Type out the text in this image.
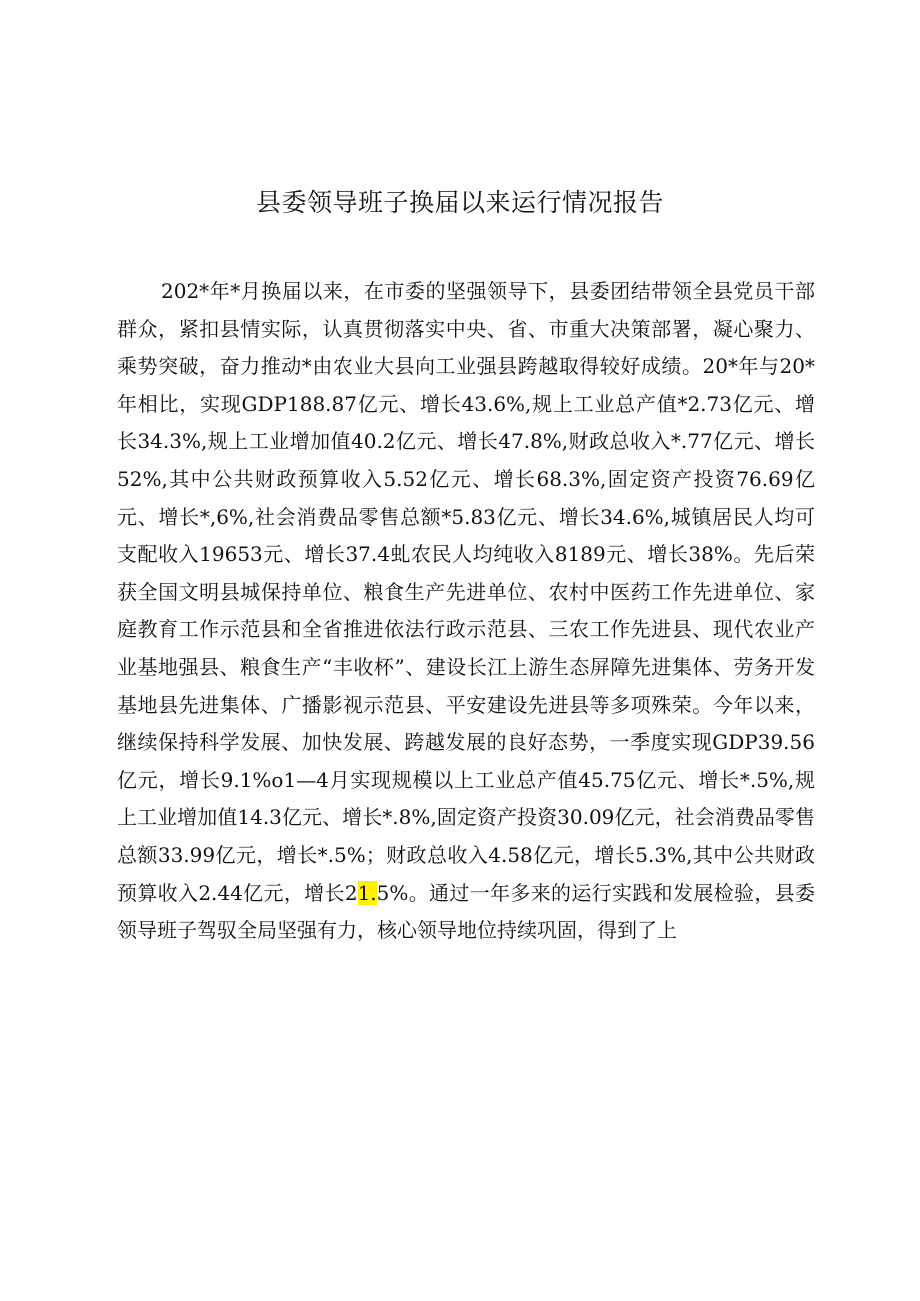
县委领导班子换届以来运行情况报告

202*年*月换届以来，在市委的坚强领导下，县委团结带领全县党员干部群众，紧扣县情实际，认真贯彻落实中央、省、市重大决策部署，凝心聚力、乘势突破，奋力推动*由农业大县向工业强县跨越取得较好成绩。20*年与20*年相比，实现GDP188.87亿元、增长43.6%,规上工业总产值*2.73亿元、增长34.3%,规上工业增加值40.2亿元、增长47.8%,财政总收入*.77亿元、增长52%,其中公共财政预算收入5.52亿元、增长68.3%,固定资产投资76.69亿元、增长*,6%,社会消费品零售总额*5.83亿元、增长34.6%,城镇居民人均可支配收入19653元、增长37.4虬农民人均纯收入8189元、增长38%。先后荣获全国文明县城保持单位、粮食生产先进单位、农村中医药工作先进单位、家庭教育工作示范县和全省推进依法行政示范县、三农工作先进县、现代农业产业基地强县、粮食生产“丰收杯”、建设长江上游生态屏障先进集体、劳务开发基地县先进集体、广播影视示范县、平安建设先进县等多项殊荣。今年以来，继续保持科学发展、加快发展、跨越发展的良好态势，一季度实现GDP39.56亿元，增长9.1%o1—4月实现规模以上工业总产值45.75亿元、增长*.5%,规上工业增加值14.3亿元、增长*.8%,固定资产投资30.09亿元，社会消费品零售总额33.99亿元，增长*.5%；财政总收入4.58亿元，增长5.3%,其中公共财政预算收入2.44亿元，增长21.5%。通过一年多来的运行实践和发展检验，县委领导班子驾驭全局坚强有力，核心领导地位持续巩固，得到了上
